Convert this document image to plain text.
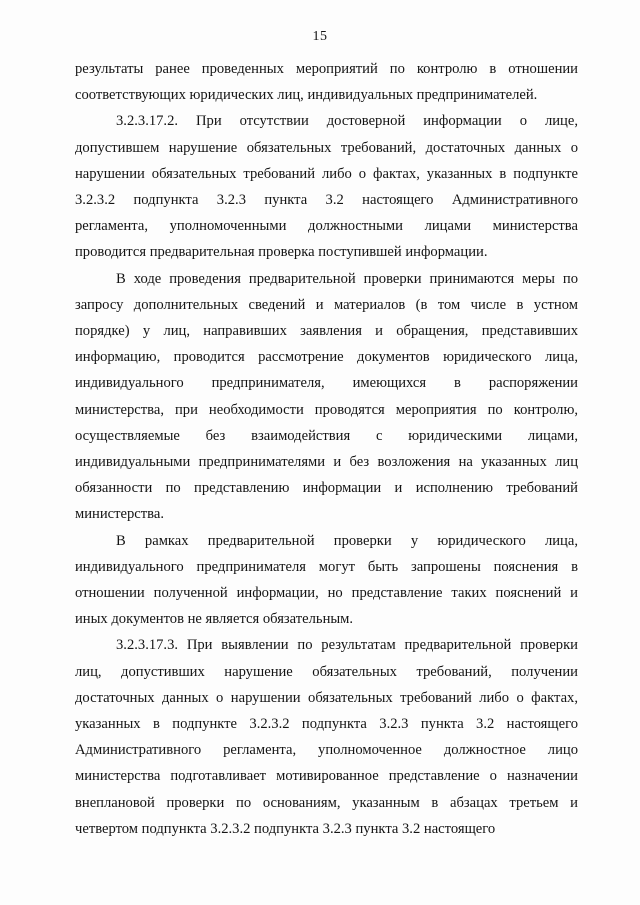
15
результаты ранее проведенных мероприятий по контролю в отношении
соответствующих юридических лиц, индивидуальных предпринимателей.
3.2.3.17.2. При отсутствии достоверной информации о лице,
допустившем нарушение обязательных требований, достаточных данных о
нарушении обязательных требований либо о фактах, указанных в подпункте
3.2.3.2 подпункта 3.2.3 пункта 3.2 настоящего Административного
регламента, уполномоченными должностными лицами министерства
проводится предварительная проверка поступившей информации.
В ходе проведения предварительной проверки принимаются меры по
запросу дополнительных сведений и материалов (в том числе в устном
порядке) у лиц, направивших заявления и обращения, представивших
информацию, проводится рассмотрение документов юридического лица,
индивидуального предпринимателя, имеющихся в распоряжении
министерства, при необходимости проводятся мероприятия по контролю,
осуществляемые без взаимодействия с юридическими лицами,
индивидуальными предпринимателями и без возложения на указанных лиц
обязанности по представлению информации и исполнению требований
министерства.
В рамках предварительной проверки у юридического лица,
индивидуального предпринимателя могут быть запрошены пояснения в
отношении полученной информации, но представление таких пояснений и
иных документов не является обязательным.
3.2.3.17.3. При выявлении по результатам предварительной проверки
лиц, допустивших нарушение обязательных требований, получении
достаточных данных о нарушении обязательных требований либо о фактах,
указанных в подпункте 3.2.3.2 подпункта 3.2.3 пункта 3.2 настоящего
Административного регламента, уполномоченное должностное лицо
министерства подготавливает мотивированное представление о назначении
внеплановой проверки по основаниям, указанным в абзацах третьем и
четвертом подпункта 3.2.3.2 подпункта 3.2.3 пункта 3.2 настоящего
